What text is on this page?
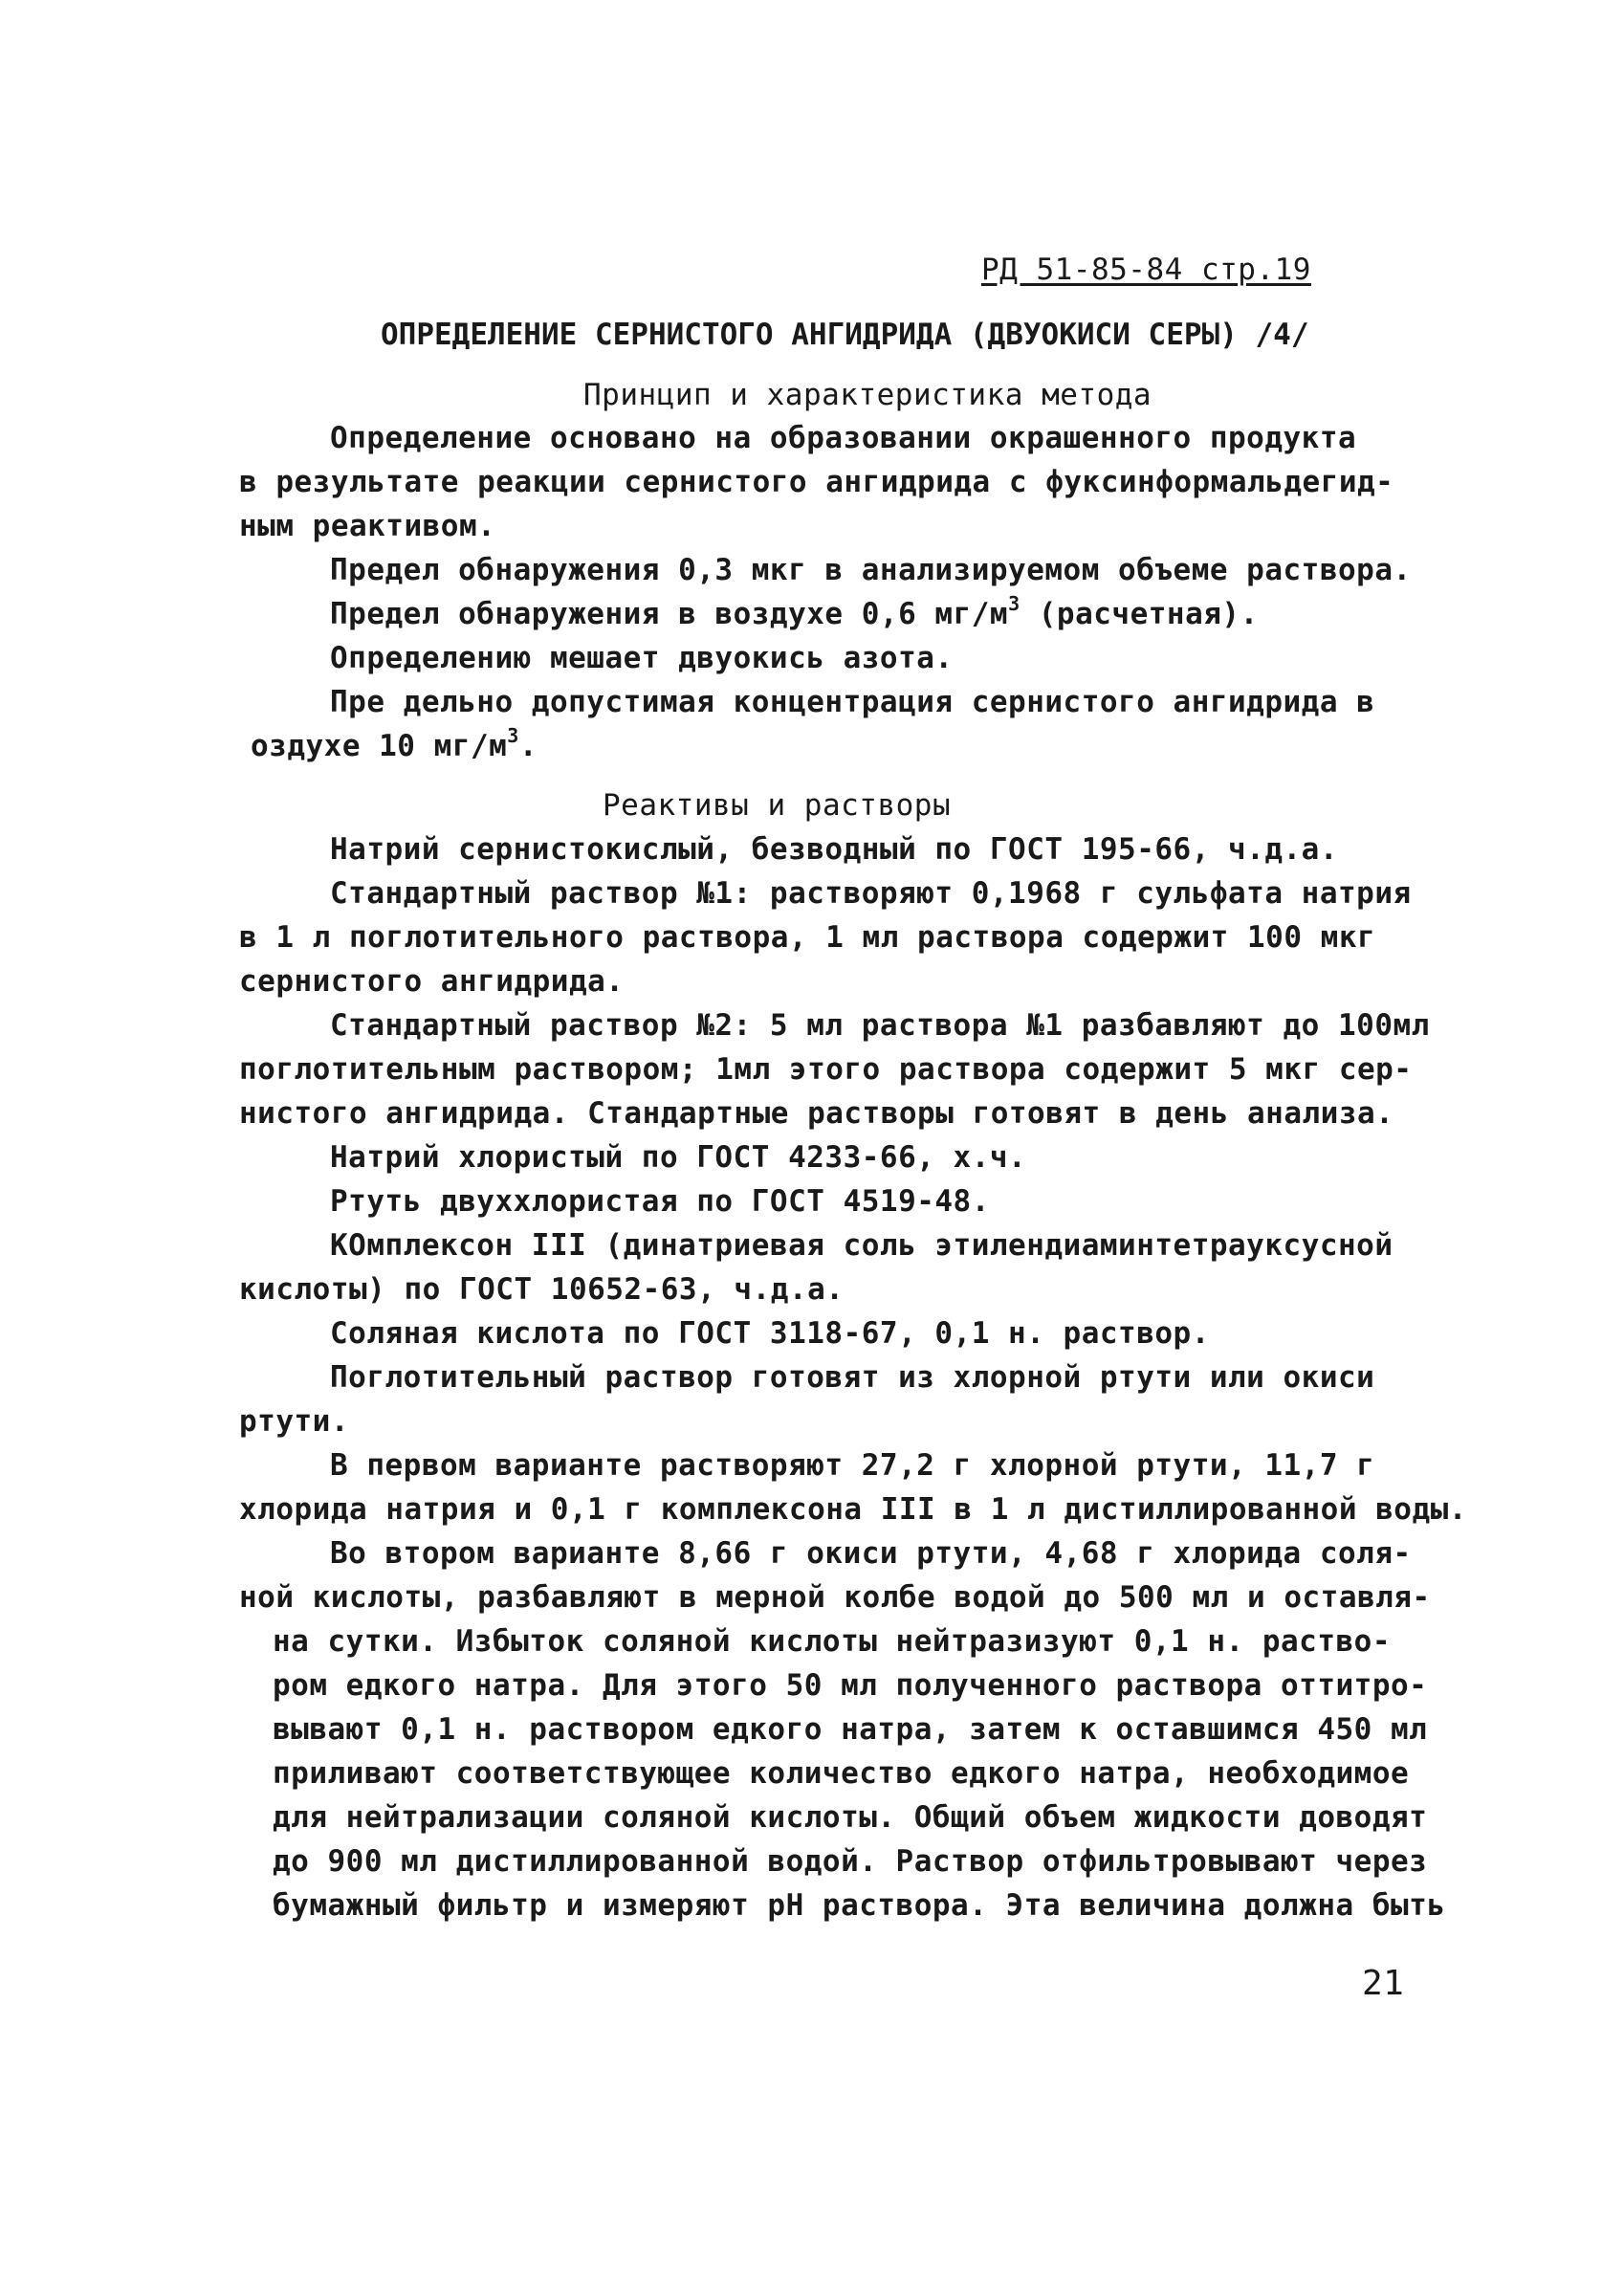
РД 51-85-84 стр.19
ОПРЕДЕЛЕНИЕ СЕРНИСТОГО АНГИДРИДА (ДВУОКИСИ СЕРЫ) /4/
Принцип и характеристика метода
Определение основано на образовании окрашенного продукта
в результате реакции сернистого ангидрида с фуксинформальдегид-
ным реактивом.
Предел обнаружения 0,3 мкг в анализируемом объеме раствора.
Предел обнаружения в воздухе 0,6 $мг/м^3$ (расчетная).
Определению мешает двуокись азота.
Пре дельно допустимая концентрация сернистого ангидрида в
оздухе 10 $мг/м^3$.
Реактивы и растворы
Натрий сернистокислый, безводный по ГОСТ 195-66, ч.д.а.
Стандартный раствор №1: растворяют 0,1968 г сульфата натрия
в 1 л поглотительного раствора, 1 мл раствора содержит 100 мкг
сернистого ангидрида.
Стандартный раствор №2: 5 мл раствора №1 разбавляют до 100мл
поглотительным раствором; 1мл этого раствора содержит 5 мкг сер-
нистого ангидрида. Стандартные растворы готовят в день анализа.
Натрий хлористый по ГОСТ 4233-66, х.ч.
Ртуть двуххлористая по ГОСТ 4519-48.
КОмплексон III (динатриевая соль этилендиаминтетрауксусной
кислоты) по ГОСТ 10652-63, ч.д.а.
Соляная кислота по ГОСТ 3118-67, 0,1 н. раствор.
Поглотительный раствор готовят из хлорной ртути или окиси
ртути.
В первом варианте растворяют 27,2 г хлорной ртути, 11,7 г
хлорида натрия и 0,1 г комплексона III в 1 л дистиллированной воды.
Во втором варианте 8,66 г окиси ртути, 4,68 г хлорида соля-
ной кислоты, разбавляют в мерной колбе водой до 500 мл и оставля-
на сутки. Избыток соляной кислоты нейтразизуют 0,1 н. раство-
ром едкого натра. Для этого 50 мл полученного раствора оттитро-
вывают 0,1 н. раствором едкого натра, затем к оставшимся 450 мл
приливают соответствующее количество едкого натра, необходимое
для нейтрализации соляной кислоты. Общий объем жидкости доводят
до 900 мл дистиллированной водой. Раствор отфильтровывают через
бумажный фильтр и измеряют рН раствора. Эта величина должна быть
21
